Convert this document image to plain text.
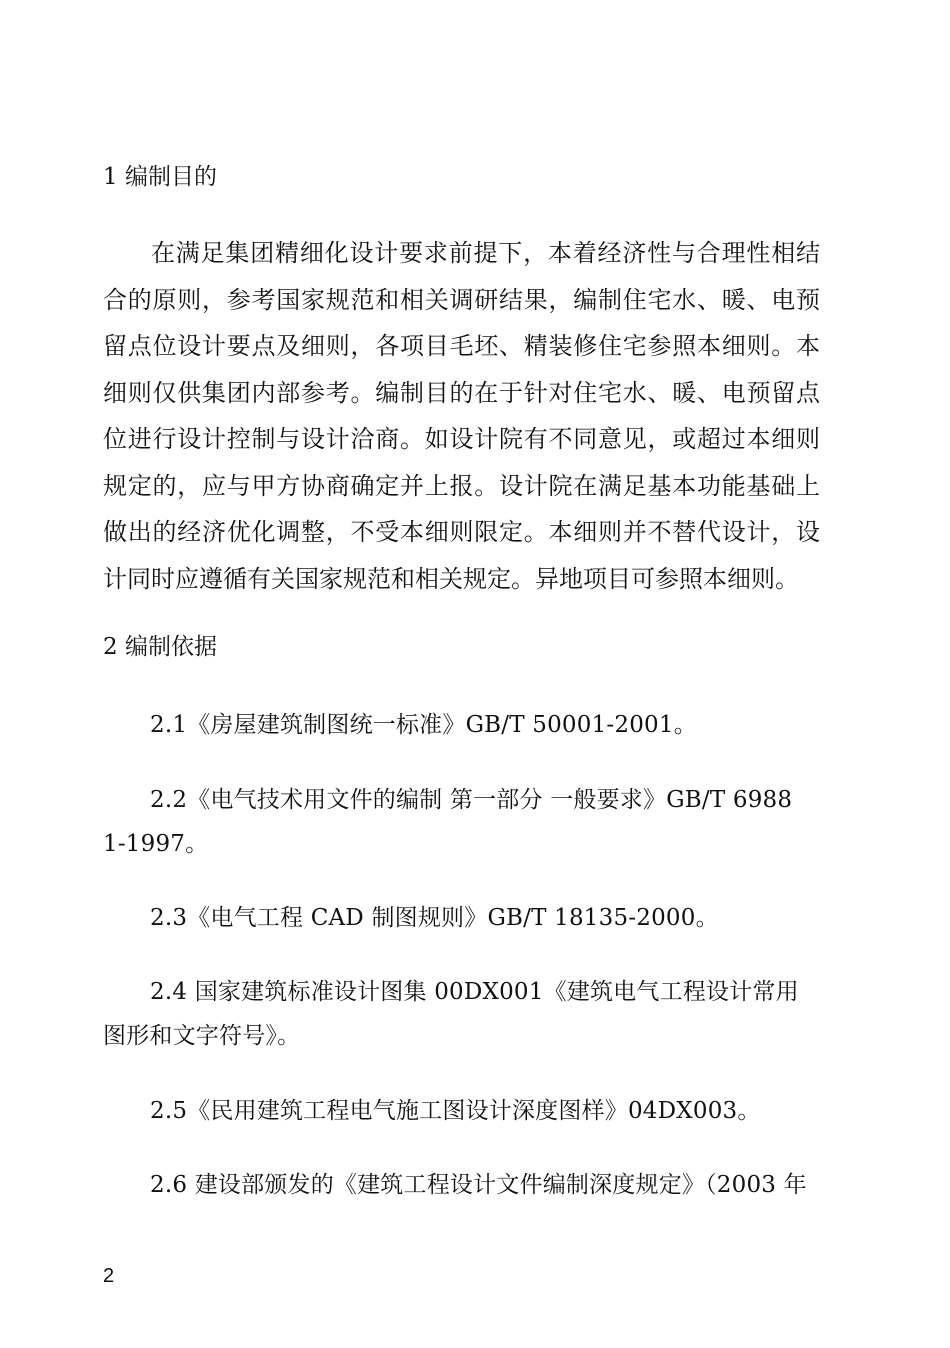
1 编制目的
在满足集团精细化设计要求前提下，本着经济性与合理性相结合的原则，参考国家规范和相关调研结果，编制住宅水、暖、电预留点位设计要点及细则，各项目毛坯、精装修住宅参照本细则。本细则仅供集团内部参考。编制目的在于针对住宅水、暖、电预留点位进行设计控制与设计洽商。如设计院有不同意见，或超过本细则规定的，应与甲方协商确定并上报。设计院在满足基本功能基础上做出的经济优化调整，不受本细则限定。本细则并不替代设计，设计同时应遵循有关国家规范和相关规定。异地项目可参照本细则。
2 编制依据
2.1《房屋建筑制图统一标准》GB/T 50001-2001。
2.2《电气技术用文件的编制 第一部分 一般要求》GB/T 6988 1-1997。
2.3《电气工程 CAD 制图规则》GB/T 18135-2000。
2.4 国家建筑标准设计图集 00DX001《建筑电气工程设计常用图形和文字符号》。
2.5《民用建筑工程电气施工图设计深度图样》04DX003。
2.6 建设部颁发的《建筑工程设计文件编制深度规定》（2003 年
2
